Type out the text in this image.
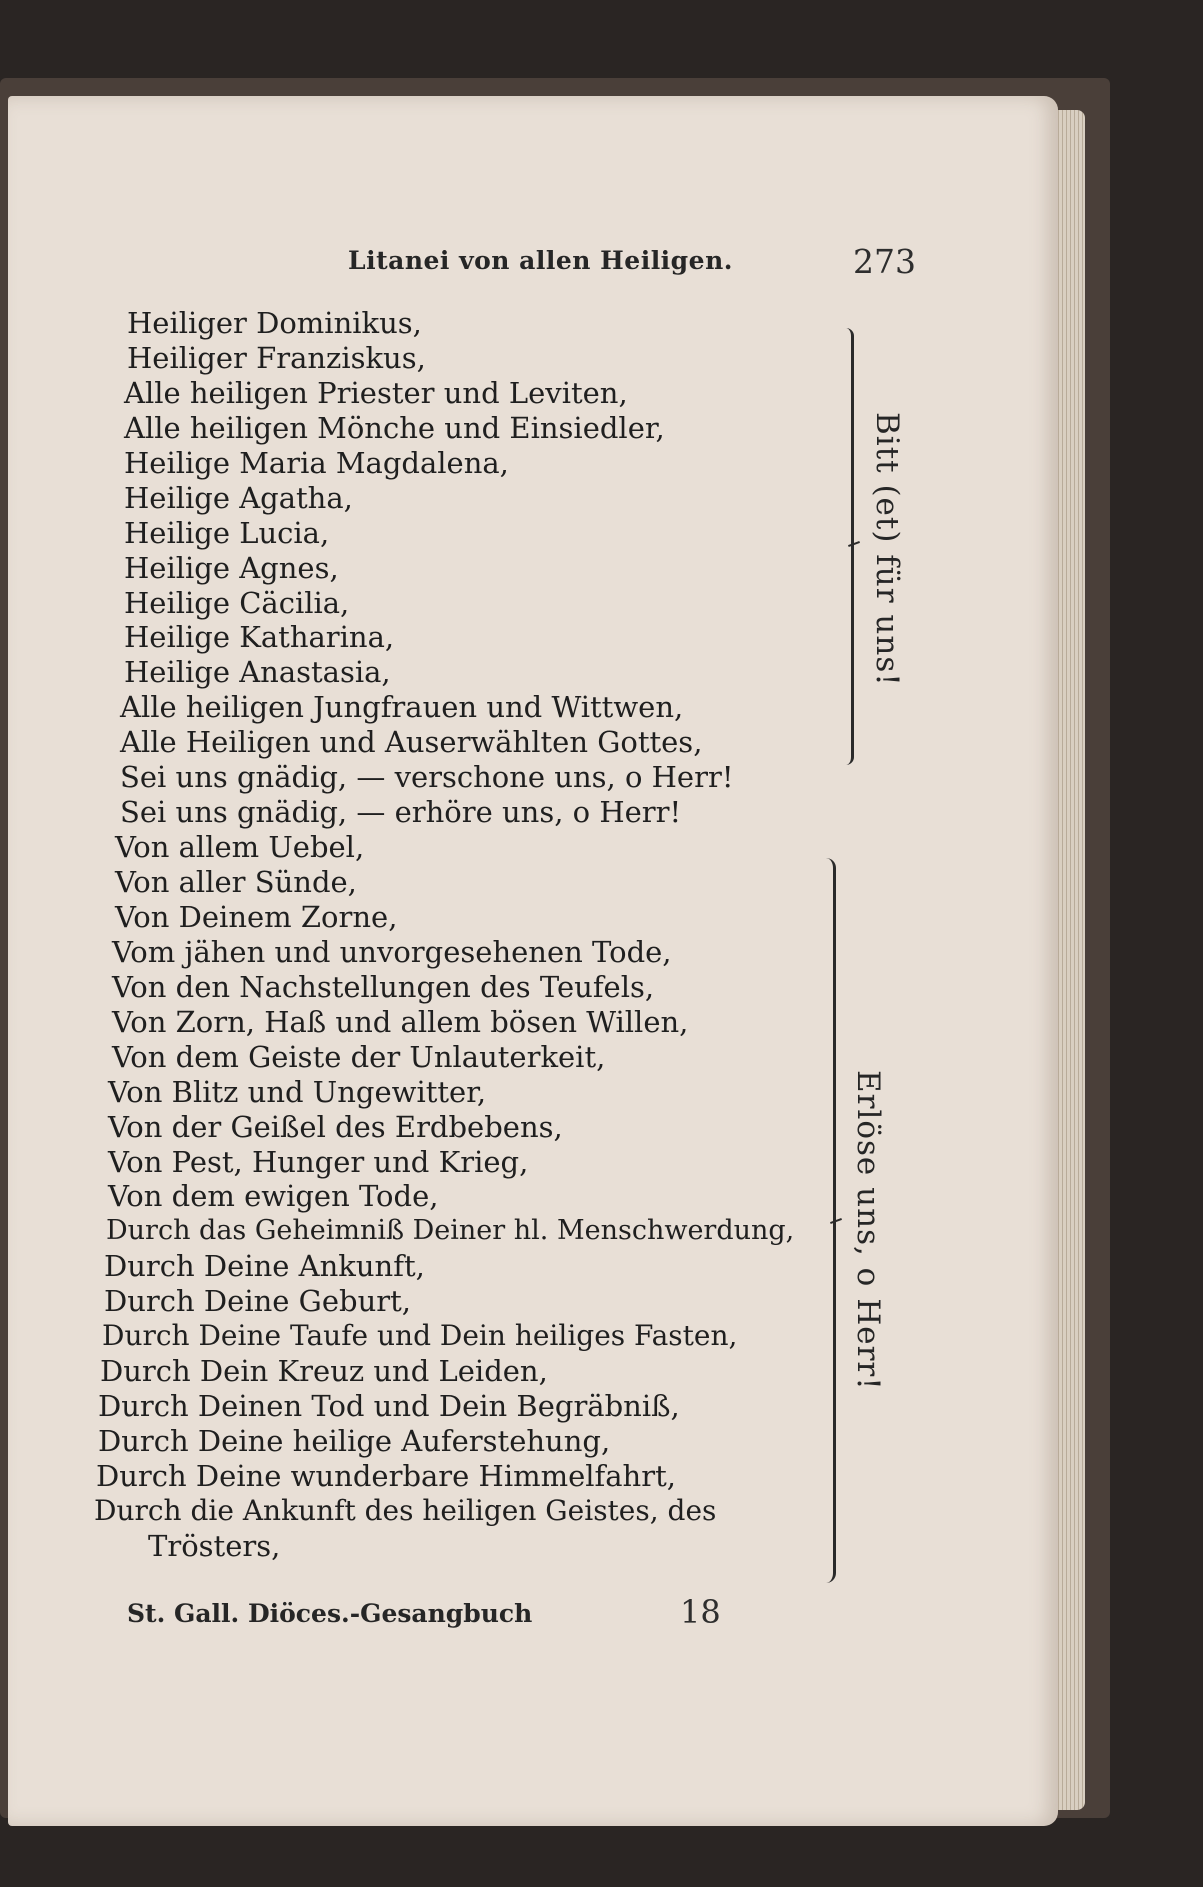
Litanei von allen Heiligen.	273
Heiliger Dominikus,
Heiliger Franziskus,
Alle heiligen Priester und Leviten,
Alle heiligen Mönche und Einsiedler,
Heilige Maria Magdalena,
Heilige Agatha,
Heilige Lucia,
Heilige Agnes,
Heilige Cäcilia,
Heilige Katharina,
Heilige Anastasia,
Alle heiligen Jungfrauen und Wittwen,
Alle Heiligen und Auserwählten Gottes,
Sei uns gnädig, — verschone uns, o Herr!
Sei uns gnädig, — erhöre uns, o Herr!
Von allem Uebel,
Von aller Sünde,
Von Deinem Zorne,
Vom jähen und unvorgesehenen Tode,
Von den Nachstellungen des Teufels,
Von Zorn, Haß und allem bösen Willen,
Von dem Geiste der Unlauterkeit,
Von Blitz und Ungewitter,
Von der Geißel des Erdbebens,
Von Pest, Hunger und Krieg,
Von dem ewigen Tode,
Durch das Geheimniß Deiner hl. Menschwerdung,
Durch Deine Ankunft,
Durch Deine Geburt,
Durch Deine Taufe und Dein heiliges Fasten,
Durch Dein Kreuz und Leiden,
Durch Deinen Tod und Dein Begräbniß,
Durch Deine heilige Auferstehung,
Durch Deine wunderbare Himmelfahrt,
Durch die Ankunft des heiligen Geistes, des
Trösters,
Bitt (et) für uns!
Erlöse uns, o Herr!
St. Gall. Diöces.-Gesangbuch	18
